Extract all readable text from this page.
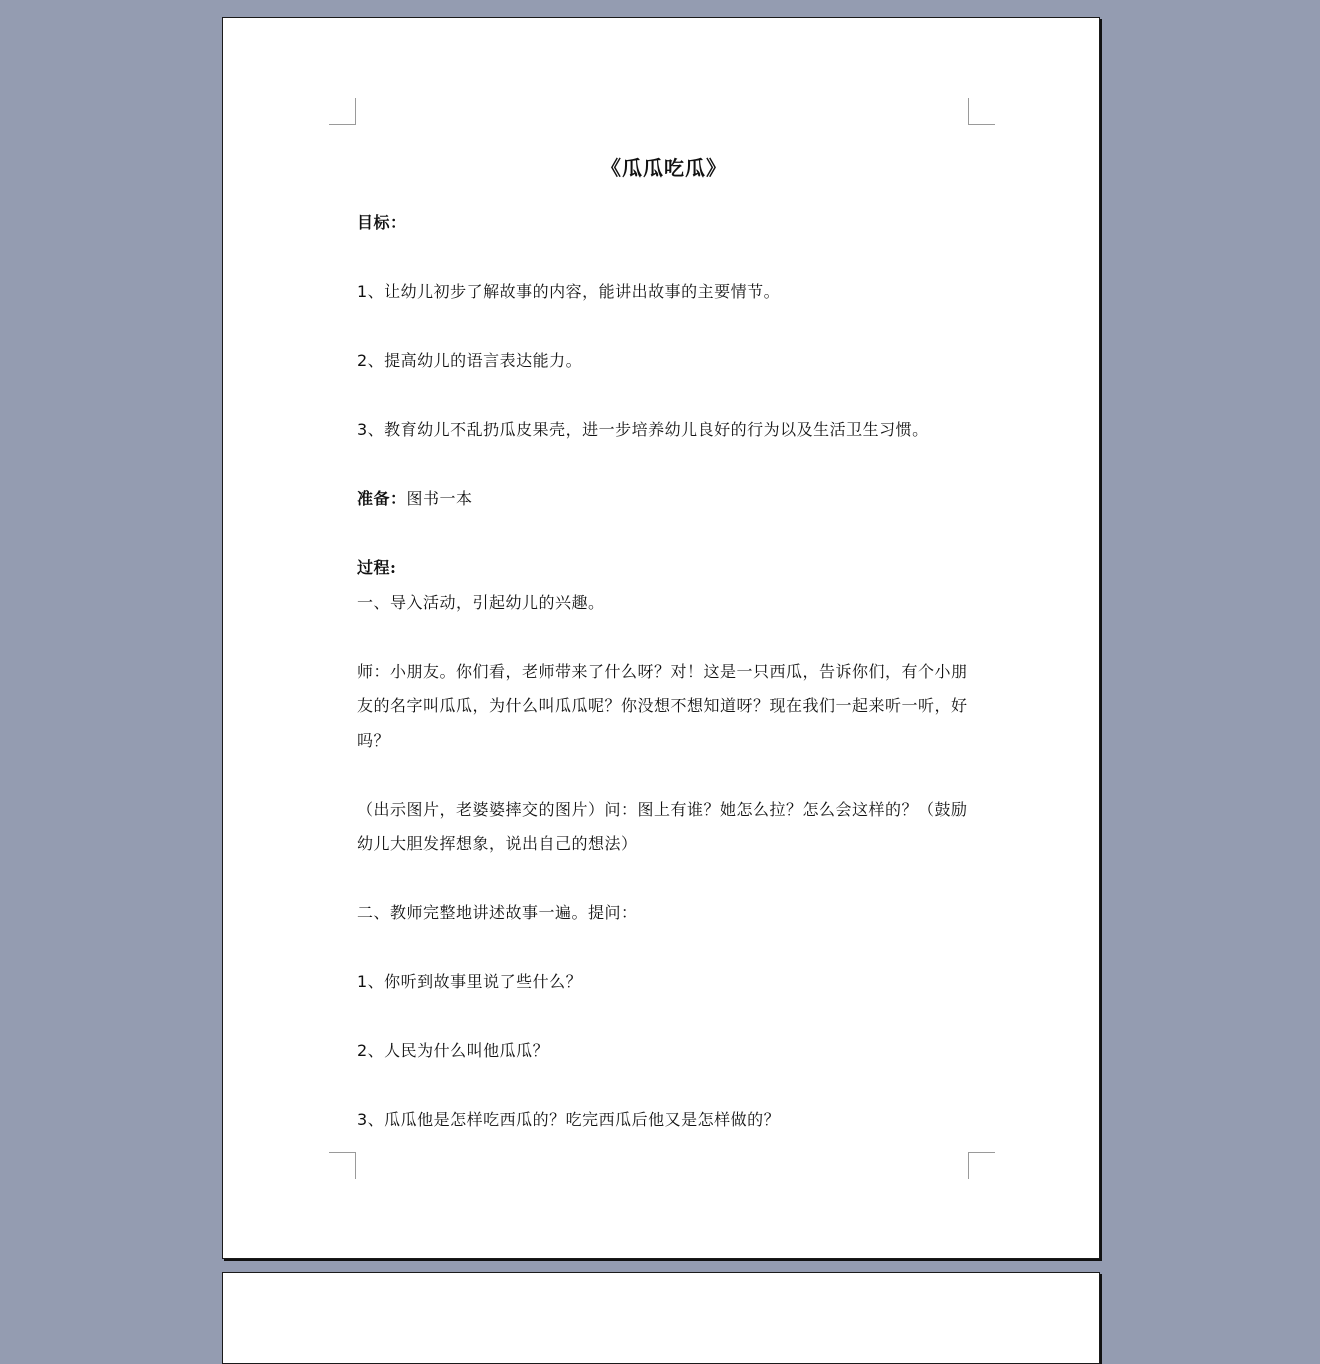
《瓜瓜吃瓜》
目标：
1、让幼儿初步了解故事的内容，能讲出故事的主要情节。
2、提高幼儿的语言表达能力。
3、教育幼儿不乱扔瓜皮果壳，进一步培养幼儿良好的行为以及生活卫生习惯。
准备：图书一本
过程:
一、导入活动，引起幼儿的兴趣。
师：小朋友。你们看，老师带来了什么呀？对！这是一只西瓜，告诉你们，有个小朋友的名字叫瓜瓜，为什么叫瓜瓜呢？你没想不想知道呀？现在我们一起来听一听，好吗？
（出示图片，老婆婆摔交的图片）问：图上有谁？她怎么拉？怎么会这样的？（鼓励幼儿大胆发挥想象，说出自己的想法）
二、教师完整地讲述故事一遍。提问：
1、你听到故事里说了些什么？
2、人民为什么叫他瓜瓜？
3、瓜瓜他是怎样吃西瓜的？吃完西瓜后他又是怎样做的？
